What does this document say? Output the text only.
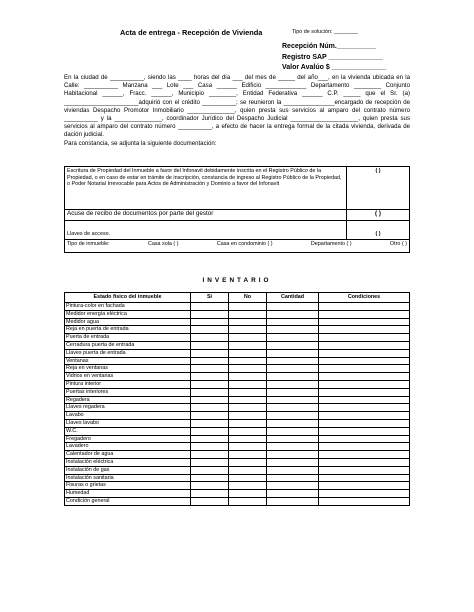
Acta de entrega - Recepción de Vivienda	Tipo de solución: ________
Recepción Núm.__________
Registro SAP ______________
Valor Avalúo $ ______________

En la ciudad de __________, siendo las ____ horas del día ___ del mes de _____ del año___, en la vivienda ubicada en la Calle: __________ Manzana ___ Lote ___ Casa ______ Edificio ____________ Departamento ________ Conjunto Habitacional ______, Fracc. ______, Municipio ________, Entidad Federativa ______ C.P. _____ que el Sr. (a) ______________________adquirió con el crédito __________; se reunieron la _______________encargado de recepción de viviendas Despacho Promotor Inmobiliario ______________, quien presta sus servicios al amparo del contrato número __________ y la ______________, coordinador Jurídico del Despacho Judicial ____________________, quien presta sus servicios al amparo del contrato número __________, a efecto de hacer la entrega formal de la citada vivienda, derivada de dación judicial.

Para constancia, se adjunta la siguiente documentación:

Escritura de Propiedad del Inmueble a favor del Infonavit debidamente inscrita en el Registro Público de la Propiedad, o en caso de estar en trámite de inscripción, constancia de ingreso al Registro Público de la Propiedad, o Poder Notarial Irrevocable para Actos de Administración y Dominio a favor del Infonavit	( )
Acuse de recibo de documentos por parte del gestor	( )
Llaves de acceso.	( )

Tipo de inmueble: Casa sola ( ) Casa en condominio ( ) Departamento ( ) Otro ( )	
INVENTARIO
Estado físico del inmueble	Si	No	Cantidad	Condiciones
Pintura-color en fachada				
Medidor energía eléctrica				
Medidor agua				
Reja en puerta de entrada				
Puerta de entrada				
Cerradura puerta de entrada				
Llaves puerta de entrada				
Ventanas				
Reja en ventanas				
Vidrios en ventanas				
Pintura interior				
Puertas interiores				
Regadera				
Llaves regadera				
Lavabo				
Llaves lavabo				
W.C.				
Fregadero				
Lavadero				
Calentador de agua				
Instalación eléctrica				
Instalación de gas				
Instalación sanitaria				
Fisuras o grietas				
Humedad				
Condición general				
